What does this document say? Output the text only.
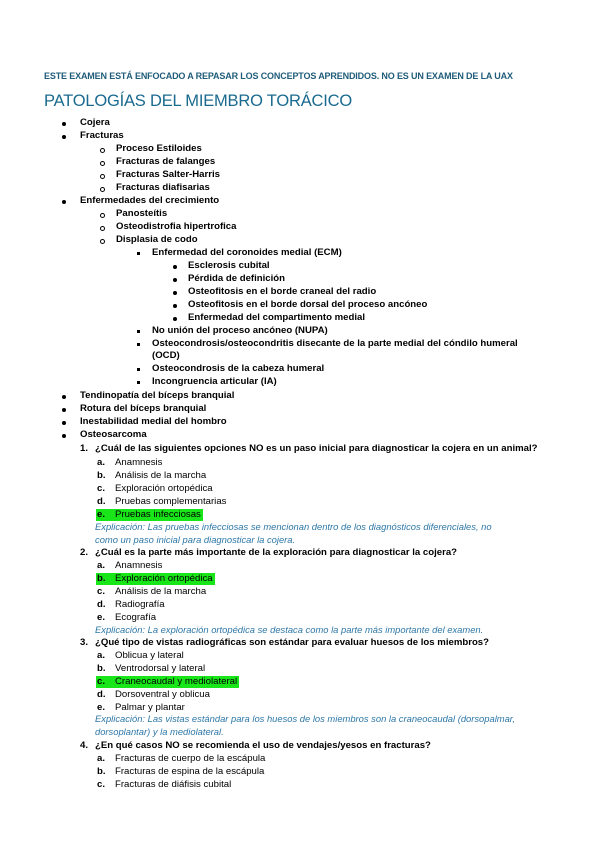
ESTE EXAMEN ESTÁ ENFOCADO A REPASAR LOS CONCEPTOS APRENDIDOS. NO ES UN EXAMEN DE LA UAX
PATOLOGÍAS DEL MIEMBRO TORÁCICO
Cojera
Fracturas
Proceso Estiloides
Fracturas de falanges
Fracturas Salter-Harris
Fracturas diafisarias
Enfermedades del crecimiento
Panosteítis
Osteodistrofia hipertrofica
Displasia de codo
Enfermedad del coronoides medial (ECM)
Esclerosis cubital
Pérdida de definición
Osteofitosis en el borde craneal del radio
Osteofitosis en el borde dorsal del proceso ancóneo
Enfermedad del compartimento medial
No unión del proceso ancóneo (NUPA)
Osteocondrosis/osteocondritis disecante de la parte medial del cóndilo humeral
(OCD)
Osteocondrosis de la cabeza humeral
Incongruencia articular (IA)
Tendinopatía del bíceps branquial
Rotura del bíceps branquial
Inestabilidad medial del hombro
Osteosarcoma
1. ¿Cuál de las siguientes opciones NO es un paso inicial para diagnosticar la cojera en un animal?
a. Anamnesis
b. Análisis de la marcha
c. Exploración ortopédica
d. Pruebas complementarias
e.	Pruebas infecciosas
Explicación: Las pruebas infecciosas se mencionan dentro de los diagnósticos diferenciales, no
como un paso inicial para diagnosticar la cojera.
2. ¿Cuál es la parte más importante de la exploración para diagnosticar la cojera?
a. Anamnesis
b. Exploración ortopédica
c. Análisis de la marcha
d. Radiografía
e. Ecografía
Explicación: La exploración ortopédica se destaca como la parte más importante del examen.
3. ¿Qué tipo de vistas radiográficas son estándar para evaluar huesos de los miembros?
a. Oblicua y lateral
b. Ventrodorsal y lateral
c.	Craneocaudal y mediolateral
d. Dorsoventral y oblicua
e. Palmar y plantar
Explicación: Las vistas estándar para los huesos de los miembros son la craneocaudal (dorsopalmar,
dorsoplantar) y la mediolateral.
4. ¿En qué casos NO se recomienda el uso de vendajes/yesos en fracturas?
a. Fracturas de cuerpo de la escápula
b. Fracturas de espina de la escápula
c. Fracturas de diáfisis cubital
